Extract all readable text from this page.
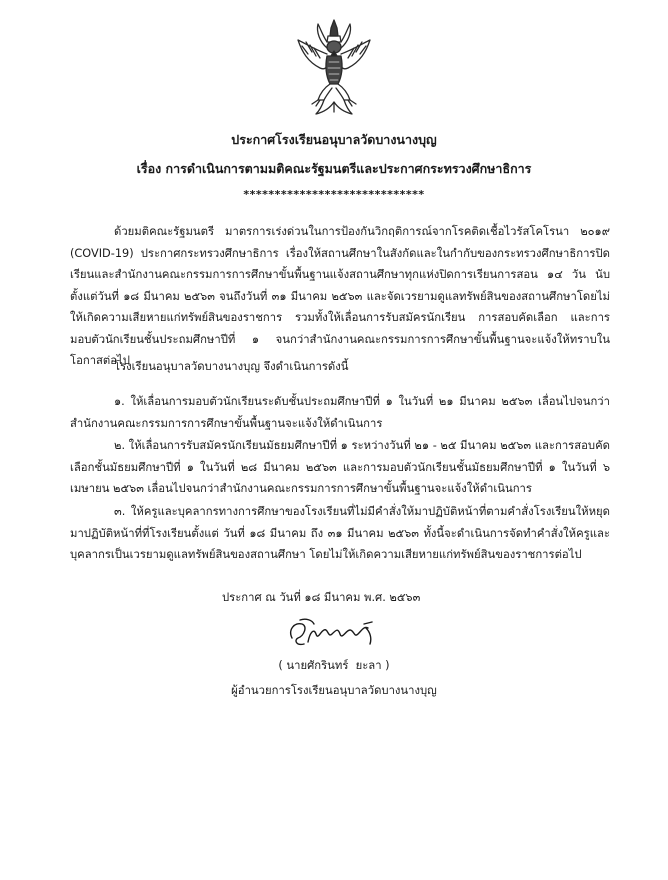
ประกาศโรงเรียนอนุบาลวัดบางนางบุญ
เรื่อง การดำเนินการตามมติคณะรัฐมนตรีและประกาศกระทรวงศึกษาธิการ
*****************************
ด้วยมติคณะรัฐมนตรี มาตรการเร่งด่วนในการป้องกันวิกฤติการณ์จากโรคติดเชื้อไวรัสโคโรนา ๒๐๑๙ (COVID-19) ประกาศกระทรวงศึกษาธิการ เรื่องให้สถานศึกษาในสังกัดและในกำกับของกระทรวงศึกษาธิการปิดเรียนและสำนักงานคณะกรรมการการศึกษาขั้นพื้นฐานแจ้งสถานศึกษาทุกแห่งปิดการเรียนการสอน ๑๔ วัน นับตั้งแต่วันที่ ๑๘ มีนาคม ๒๕๖๓ จนถึงวันที่ ๓๑ มีนาคม ๒๕๖๓ และจัดเวรยามดูแลทรัพย์สินของสถานศึกษาโดยไม่ให้เกิดความเสียหายแก่ทรัพย์สินของราชการ รวมทั้งให้เลื่อนการรับสมัครนักเรียน การสอบคัดเลือก และการมอบตัวนักเรียนชั้นประถมศึกษาปีที่ ๑ จนกว่าสำนักงานคณะกรรมการการศึกษาขั้นพื้นฐานจะแจ้งให้ทราบในโอกาสต่อไป
โรงเรียนอนุบาลวัดบางนางบุญ จึงดำเนินการดังนี้
๑. ให้เลื่อนการมอบตัวนักเรียนระดับชั้นประถมศึกษาปีที่ ๑ ในวันที่ ๒๑ มีนาคม ๒๕๖๓ เลื่อนไปจนกว่าสำนักงานคณะกรรมการการศึกษาขั้นพื้นฐานจะแจ้งให้ดำเนินการ
๒. ให้เลื่อนการรับสมัครนักเรียนมัธยมศึกษาปีที่ ๑ ระหว่างวันที่ ๒๑ - ๒๕ มีนาคม ๒๕๖๓ และการสอบคัดเลือกชั้นมัธยมศึกษาปีที่ ๑ ในวันที่ ๒๘ มีนาคม ๒๕๖๓ และการมอบตัวนักเรียนชั้นมัธยมศึกษาปีที่ ๑ ในวันที่ ๖ เมษายน ๒๕๖๓ เลื่อนไปจนกว่าสำนักงานคณะกรรมการการศึกษาขั้นพื้นฐานจะแจ้งให้ดำเนินการ
๓. ให้ครูและบุคลากรทางการศึกษาของโรงเรียนที่ไม่มีคำสั่งให้มาปฏิบัติหน้าที่ตามคำสั่งโรงเรียนให้หยุดมาปฏิบัติหน้าที่ที่โรงเรียนตั้งแต่ วันที่ ๑๘ มีนาคม ถึง ๓๑ มีนาคม ๒๕๖๓ ทั้งนี้จะดำเนินการจัดทำคำสั่งให้ครูและบุคลากรเป็นเวรยามดูแลทรัพย์สินของสถานศึกษา โดยไม่ให้เกิดความเสียหายแก่ทรัพย์สินของราชการต่อไป
ประกาศ ณ วันที่ ๑๘ มีนาคม พ.ศ. ๒๕๖๓
( นายศักรินทร์  ยะลา )
ผู้อำนวยการโรงเรียนอนุบาลวัดบางนางบุญ
